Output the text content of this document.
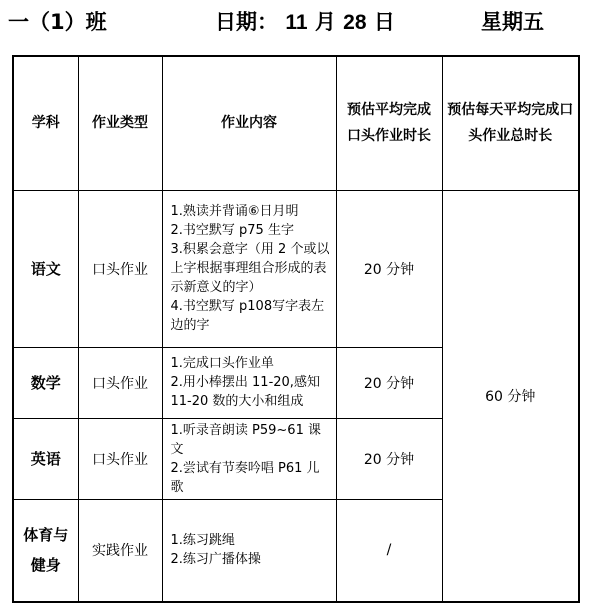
一（1）班	日期： 11 月 28 日	星期五
学科	作业类型	作业内容	预估平均完成口头作业时长	预估每天平均完成口头作业总时长
语文	口头作业	1.熟读并背诵⑥日月明
2.书空默写 p75 生字
3.积累会意字（用 2 个或以上字根据事理组合形成的表示新意义的字）
4.书空默写 p108写字表左边的字	20 分钟	60 分钟
数学	口头作业	1.完成口头作业单
2.用小棒摆出 11-20,感知 11-20 数的大小和组成	20 分钟	
英语	口头作业	1.听录音朗读 P59~61 课文
2.尝试有节奏吟唱 P61 儿歌	20 分钟	
体育与健身	实践作业	1.练习跳绳
2.练习广播体操	/	
